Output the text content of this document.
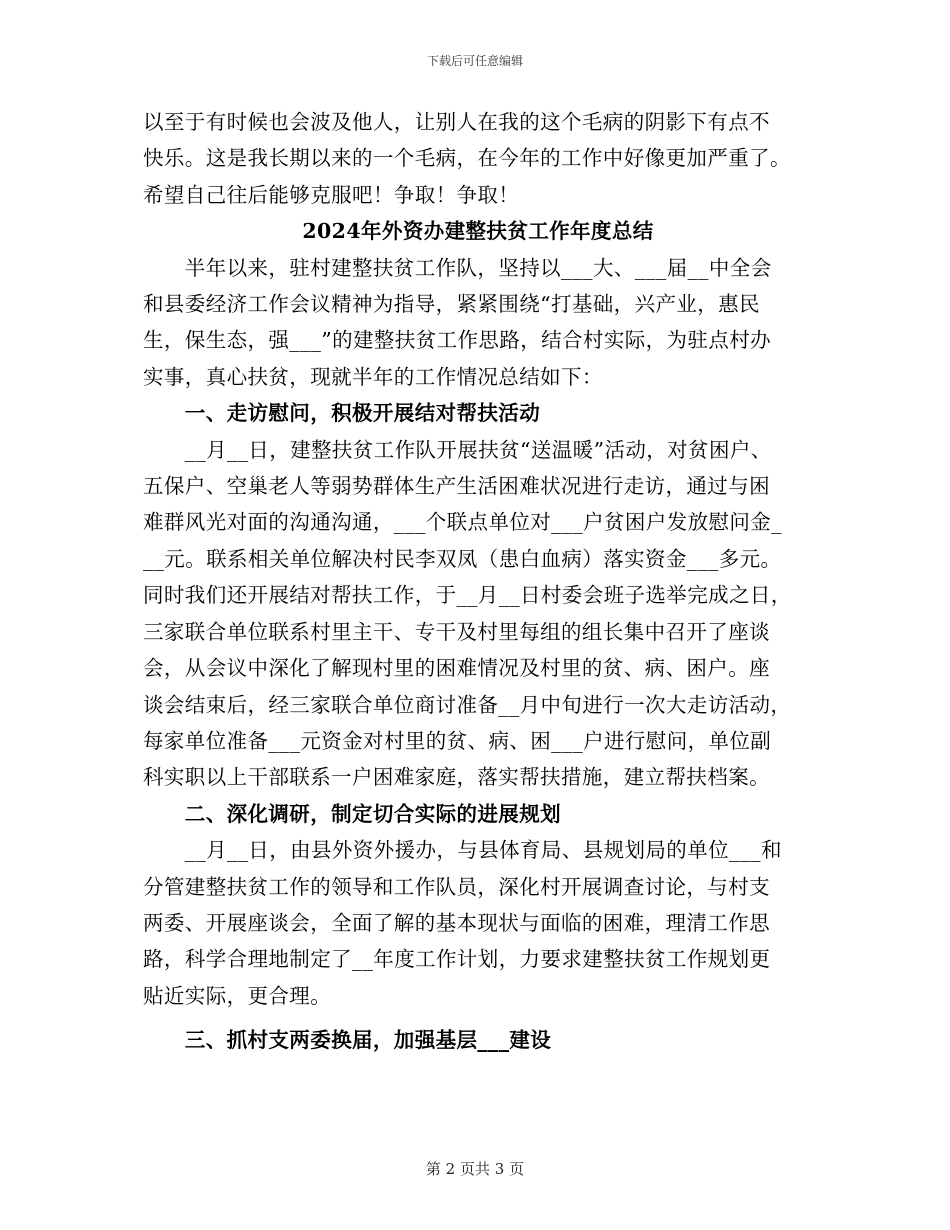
下载后可任意编辑
以至于有时候也会波及他人，让别人在我的这个毛病的阴影下有点不
快乐。这是我长期以来的一个毛病，在今年的工作中好像更加严重了。
希望自己往后能够克服吧！争取！争取！
2024年外资办建整扶贫工作年度总结
　　半年以来，驻村建整扶贫工作队，坚持以___大、___届__中全会
和县委经济工作会议精神为指导，紧紧围绕“打基础，兴产业，惠民
生，保生态，强___”的建整扶贫工作思路，结合村实际，为驻点村办
实事，真心扶贫，现就半年的工作情况总结如下：
　　一、走访慰问，积极开展结对帮扶活动
　　__月__日，建整扶贫工作队开展扶贫“送温暖”活动，对贫困户、
五保户、空巢老人等弱势群体生产生活困难状况进行走访，通过与困
难群风光对面的沟通沟通，___个联点单位对___户贫困户发放慰问金_
__元。联系相关单位解决村民李双凤（患白血病）落实资金___多元。
同时我们还开展结对帮扶工作，于__月__日村委会班子选举完成之日，
三家联合单位联系村里主干、专干及村里每组的组长集中召开了座谈
会，从会议中深化了解现村里的困难情况及村里的贫、病、困户。座
谈会结束后，经三家联合单位商讨准备__月中旬进行一次大走访活动，
每家单位准备___元资金对村里的贫、病、困___户进行慰问，单位副
科实职以上干部联系一户困难家庭，落实帮扶措施，建立帮扶档案。
　　二、深化调研，制定切合实际的进展规划
　　__月__日，由县外资外援办，与县体育局、县规划局的单位___和
分管建整扶贫工作的领导和工作队员，深化村开展调查讨论，与村支
两委、开展座谈会，全面了解的基本现状与面临的困难，理清工作思
路，科学合理地制定了__年度工作计划，力要求建整扶贫工作规划更
贴近实际，更合理。
　　三、抓村支两委换届，加强基层___建设
第 2 页共 3 页
